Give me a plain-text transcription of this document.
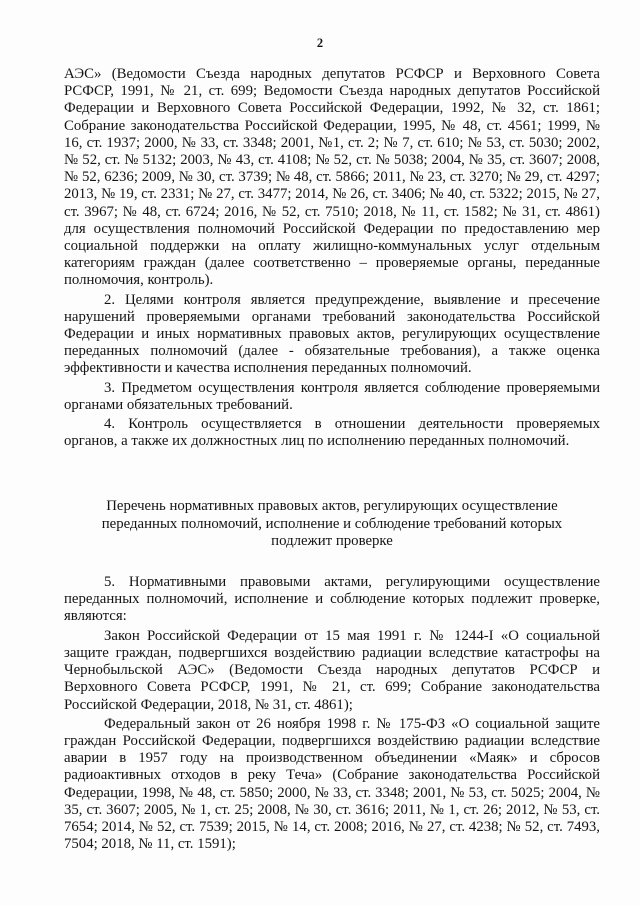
2

АЭС» (Ведомости Съезда народных депутатов РСФСР и Верховного Совета РСФСР, 1991, № 21, ст. 699; Ведомости Съезда народных депутатов Российской Федерации и Верховного Совета Российской Федерации, 1992, № 32, ст. 1861; Собрание законодательства Российской Федерации, 1995, № 48, ст. 4561; 1999, № 16, ст. 1937; 2000, № 33, ст. 3348; 2001, №1, ст. 2; № 7, ст. 610; № 53, ст. 5030; 2002, № 52, ст. № 5132; 2003, № 43, ст. 4108; № 52, ст. № 5038; 2004, № 35, ст. 3607; 2008, № 52, 6236; 2009, № 30, ст. 3739; № 48, ст. 5866; 2011, № 23, ст. 3270; № 29, ст. 4297; 2013, № 19, ст. 2331; № 27, ст. 3477; 2014, № 26, ст. 3406; № 40, ст. 5322; 2015, № 27, ст. 3967; № 48, ст. 6724; 2016, № 52, ст. 7510; 2018, № 11, ст. 1582; № 31, ст. 4861) для осуществления полномочий Российской Федерации по предоставлению мер социальной поддержки на оплату жилищно-коммунальных услуг отдельным категориям граждан (далее соответственно – проверяемые органы, переданные полномочия, контроль).

2. Целями контроля является предупреждение, выявление и пресечение нарушений проверяемыми органами требований законодательства Российской Федерации и иных нормативных правовых актов, регулирующих осуществление переданных полномочий (далее - обязательные требования), а также оценка эффективности и качества исполнения переданных полномочий.

3. Предметом осуществления контроля является соблюдение проверяемыми органами обязательных требований.

4. Контроль осуществляется в отношении деятельности проверяемых органов, а также их должностных лиц по исполнению переданных полномочий.

Перечень нормативных правовых актов, регулирующих осуществление переданных полномочий, исполнение и соблюдение требований которых подлежит проверке

5. Нормативными правовыми актами, регулирующими осуществление переданных полномочий, исполнение и соблюдение которых подлежит проверке, являются:

Закон Российской Федерации от 15 мая 1991 г. № 1244-I «О социальной защите граждан, подвергшихся воздействию радиации вследствие катастрофы на Чернобыльской АЭС» (Ведомости Съезда народных депутатов РСФСР и Верховного Совета РСФСР, 1991, № 21, ст. 699; Собрание законодательства Российской Федерации, 2018, № 31, ст. 4861);

Федеральный закон от 26 ноября 1998 г. № 175-ФЗ «О социальной защите граждан Российской Федерации, подвергшихся воздействию радиации вследствие аварии в 1957 году на производственном объединении «Маяк» и сбросов радиоактивных отходов в реку Теча» (Собрание законодательства Российской Федерации, 1998, № 48, ст. 5850; 2000, № 33, ст. 3348; 2001, № 53, ст. 5025; 2004, № 35, ст. 3607; 2005, № 1, ст. 25; 2008, № 30, ст. 3616; 2011, № 1, ст. 26; 2012, № 53, ст. 7654; 2014, № 52, ст. 7539; 2015, № 14, ст. 2008; 2016, № 27, ст. 4238; № 52, ст. 7493, 7504; 2018, № 11, ст. 1591);
